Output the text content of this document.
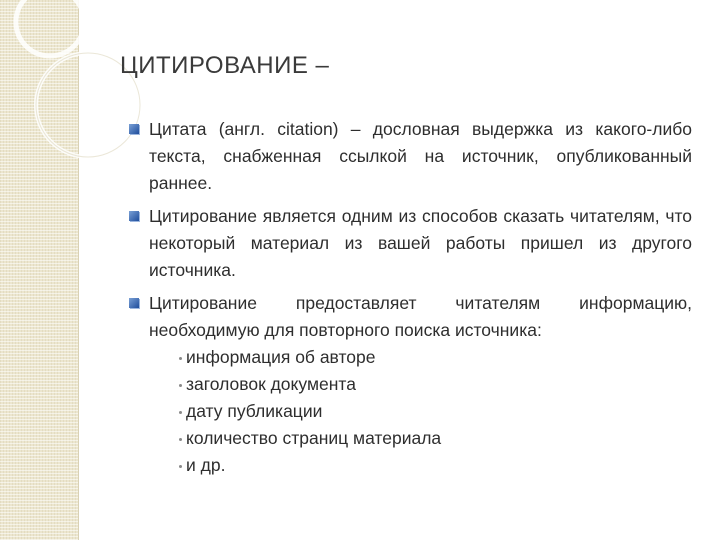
ЦИТИРОВАНИЕ –
Цитата (англ. citation) – дословная выдержка из какого-либо текста, снабженная ссылкой на источник, опубликованный раннее.
Цитирование является одним из способов сказать читателям, что некоторый материал из вашей работы пришел из другого источника.
Цитирование предоставляет читателям информацию, необходимую для повторного поиска источника:
информация об авторе
заголовок документа
дату публикации
количество страниц материала
и др.
